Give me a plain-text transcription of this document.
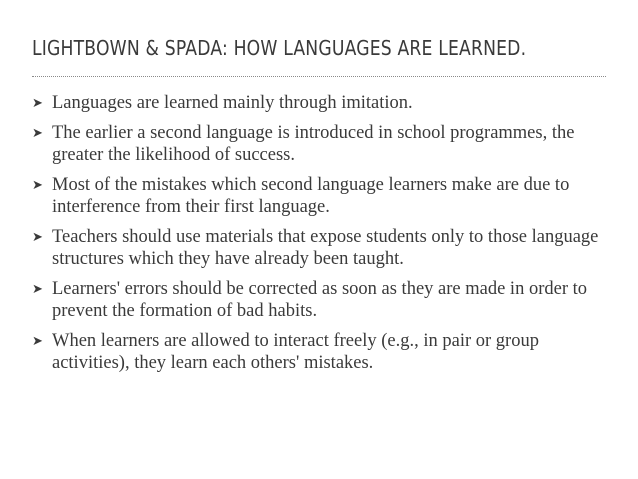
LIGHTBOWN & SPADA: HOW LANGUAGES ARE LEARNED.
➤ Languages are learned mainly through imitation.
➤ The earlier a second language is introduced in school programmes, the greater the likelihood of success.
➤ Most of the mistakes which second language learners make are due to interference from their first language.
➤ Teachers should use materials that expose students only to those language structures which they have already been taught.
➤ Learners' errors should be corrected as soon as they are made in order to prevent the formation of bad habits.
➤ When learners are allowed to interact freely (e.g., in pair or group activities), they learn each others' mistakes.
